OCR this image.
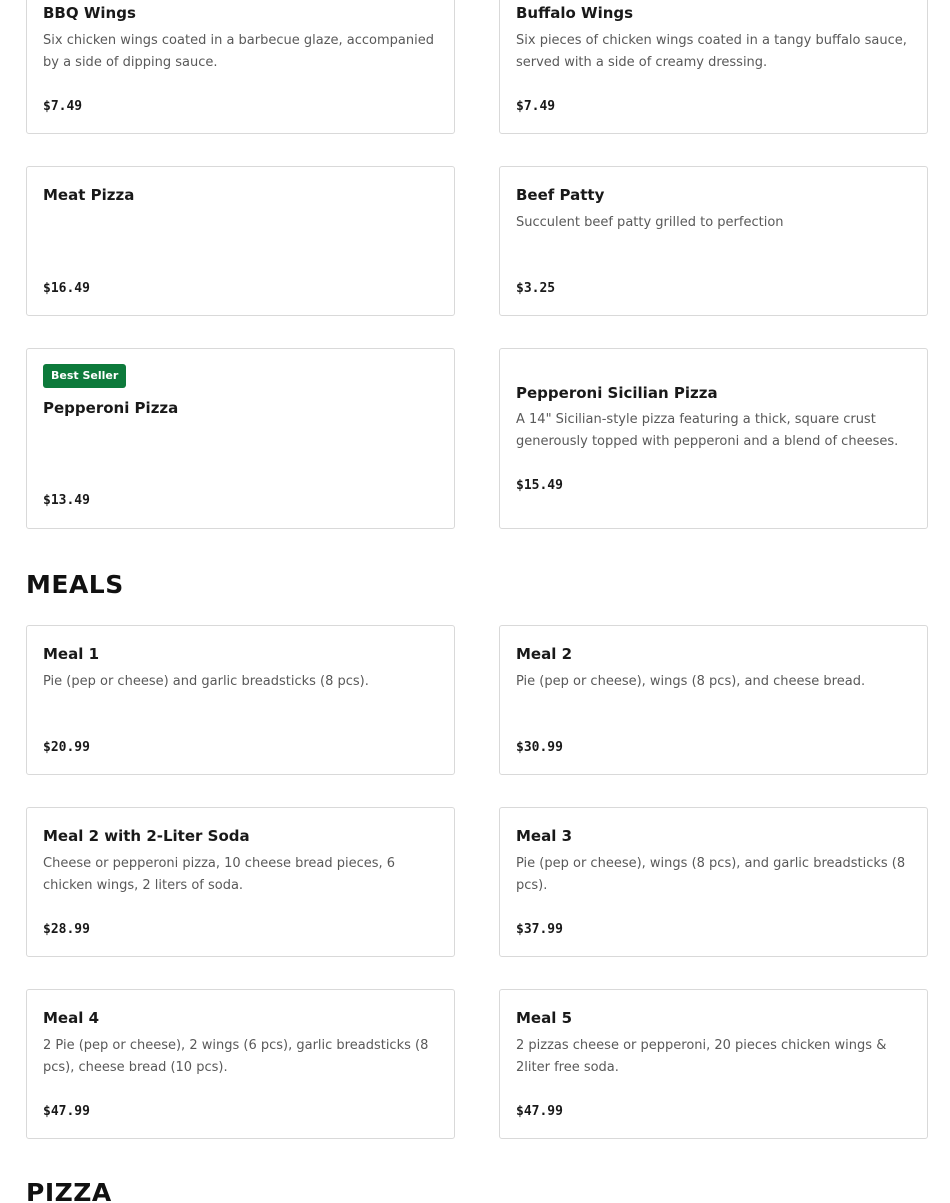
BBQ Wings
Six chicken wings coated in a barbecue glaze, accompanied by a side of dipping sauce.
$7.49
Buffalo Wings
Six pieces of chicken wings coated in a tangy buffalo sauce, served with a side of creamy dressing.
$7.49
Meat Pizza
$16.49
Beef Patty
Succulent beef patty grilled to perfection
$3.25
Best Seller
Pepperoni Pizza
$13.49
Pepperoni Sicilian Pizza
A 14" Sicilian-style pizza featuring a thick, square crust generously topped with pepperoni and a blend of cheeses.
$15.49
MEALS
Meal 1
Pie (pep or cheese) and garlic breadsticks (8 pcs).
$20.99
Meal 2
Pie (pep or cheese), wings (8 pcs), and cheese bread.
$30.99
Meal 2 with 2-Liter Soda
Cheese or pepperoni pizza, 10 cheese bread pieces, 6 chicken wings, 2 liters of soda.
$28.99
Meal 3
Pie (pep or cheese), wings (8 pcs), and garlic breadsticks (8 pcs).
$37.99
Meal 4
2 Pie (pep or cheese), 2 wings (6 pcs), garlic breadsticks (8 pcs), cheese bread (10 pcs).
$47.99
Meal 5
2 pizzas cheese or pepperoni, 20 pieces chicken wings & 2liter free soda.
$47.99
PIZZA
